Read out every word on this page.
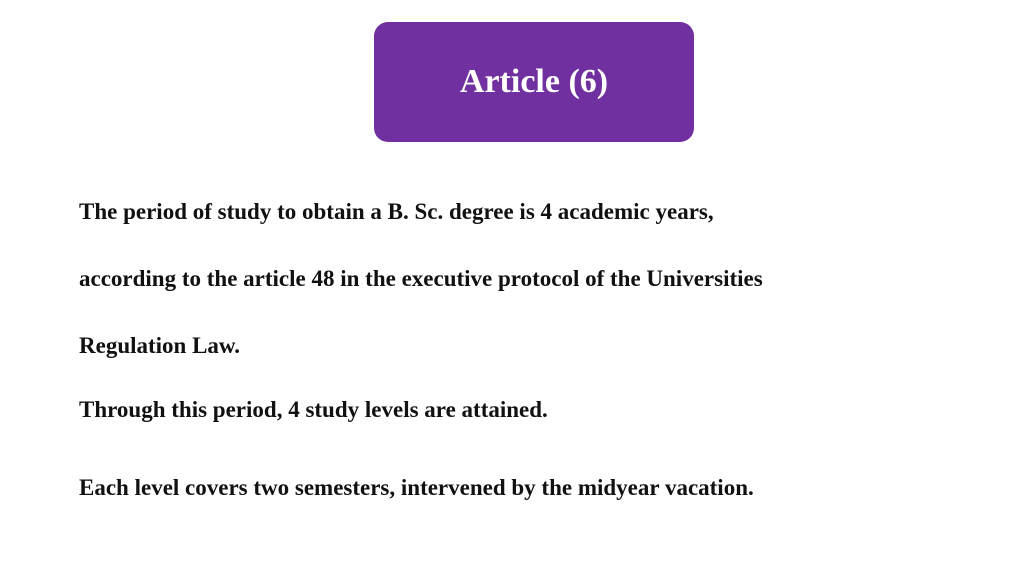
Article (6)

The period of study to obtain a B. Sc. degree is 4 academic years,
according to the article 48 in the executive protocol of the Universities
Regulation Law.

Through this period, 4 study levels are attained.

Each level covers two semesters, intervened by the midyear vacation.
